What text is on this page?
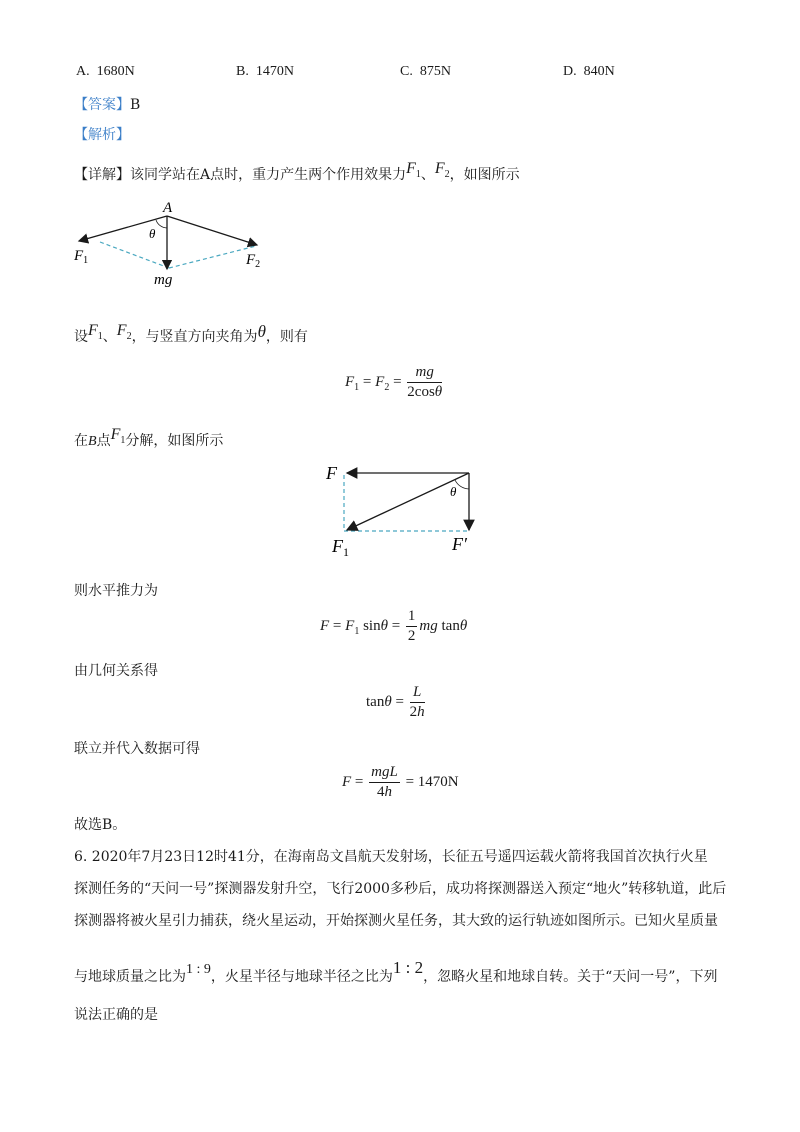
A. 1680N	B. 1470N	C. 875N	D. 840N
【答案】B
【解析】
【详解】该同学站在A点时，重力产生两个作用效果力$F_1$、$F_2$，如图所示
A
θ
$F_1$	$F_2$
mg
设$F_1$、$F_2$，与竖直方向夹角为θ，则有
$F_1 = F_2 = \frac{mg}{2\cos\theta}$
在B点$F_1$分解，如图所示
F
θ
$F_1$	F′
则水平推力为
$F = F_1$ $\sin\theta = \frac{1}{2}$ mg tanθ
由几何关系得
$\tan\theta = \frac{L}{2h}$
联立并代入数据可得
$F = \frac{\text{mgL}}{4h} = 1470N$
故选B。
6. 2020年7月23日12时41分，在海南岛文昌航天发射场，长征五号遥四运载火箭将我国首次执行火星
探测任务的“天问一号”探测器发射升空，飞行2000多秒后，成功将探测器送入预定“地火”转移轨道，此后
探测器将被火星引力捕获，绕火星运动，开始探测火星任务，其大致的运行轨迹如图所示。已知火星质量
与地球质量之比为1 : 9，火星半径与地球半径之比为1 : 2，忽略火星和地球自转。关于“天问一号”，下列
说法正确的是
